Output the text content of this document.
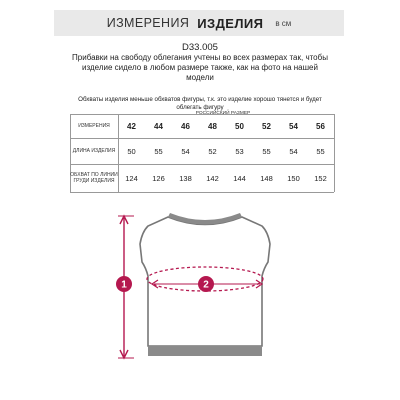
ИЗМЕРЕНИЯ ИЗДЕЛИЯ в см
D33.005
Прибавки на свободу облегания учтены во всех размерах так, чтобы изделие сидело в любом размере также, как на фото на нашей модели
Обхваты изделия меньше обхватов фигуры, т.к. это изделие хорошо тянется и будет облегать фигуру
РОССИЙСКИЙ РАЗМЕР
ИЗМЕРЕНИЯ	42	44	46	48	50	52	54	56
ДЛИНА ИЗДЕЛИЯ	50	55	54	52	53	55	54	55
ОБХВАТ ПО ЛИНИИ ГРУДИ ИЗДЕЛИЯ	124	126	138	142	144	148	150	152
1	2
